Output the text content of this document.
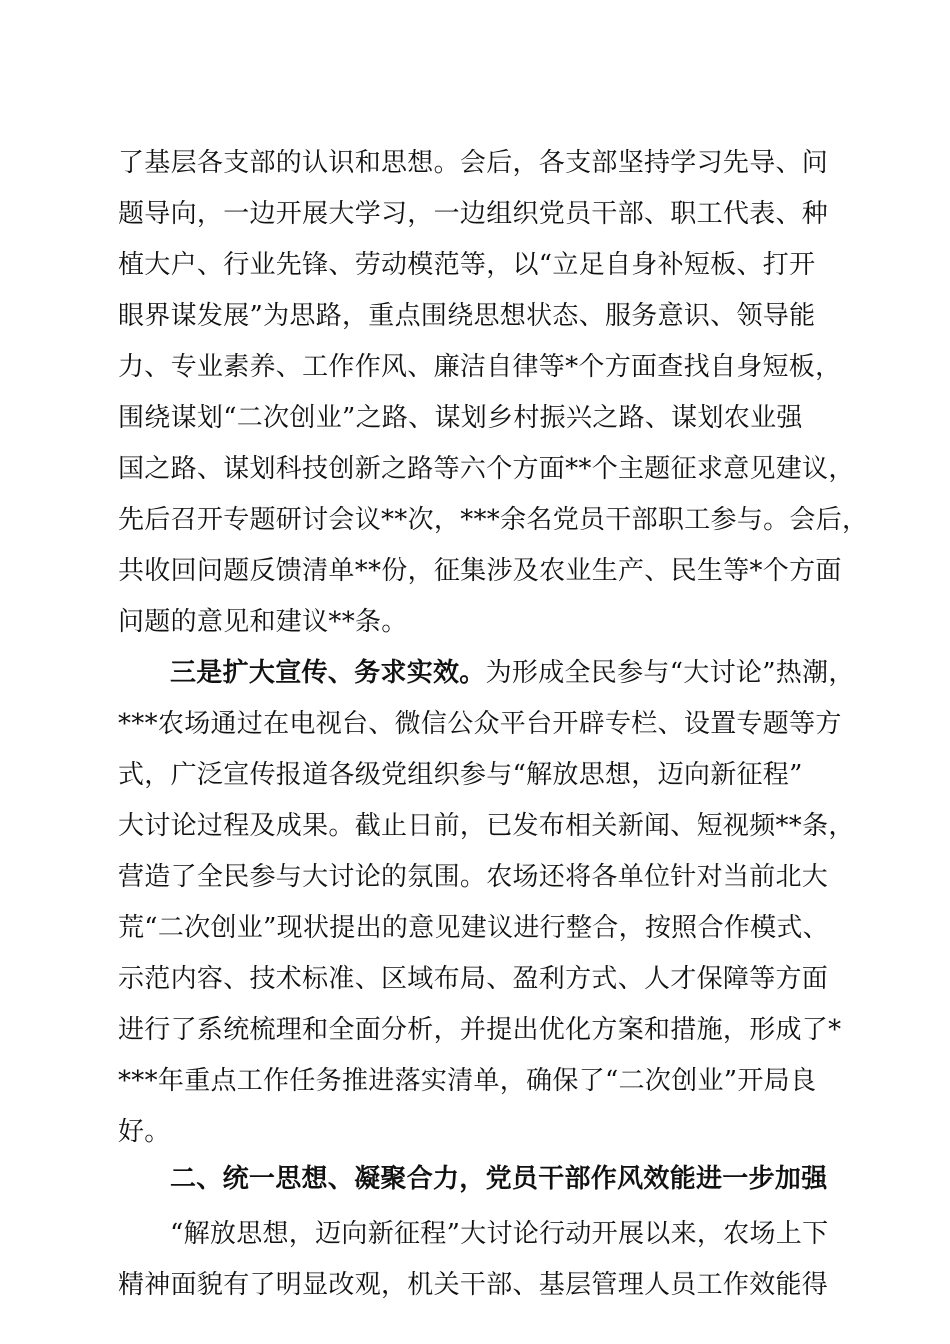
了基层各支部的认识和思想。会后，各支部坚持学习先导、问
题导向，一边开展大学习，一边组织党员干部、职工代表、种
植大户、行业先锋、劳动模范等，以“立足自身补短板、打开
眼界谋发展”为思路，重点围绕思想状态、服务意识、领导能
力、专业素养、工作作风、廉洁自律等*个方面查找自身短板，
围绕谋划“二次创业”之路、谋划乡村振兴之路、谋划农业强
国之路、谋划科技创新之路等六个方面**个主题征求意见建议，
先后召开专题研讨会议**次，***余名党员干部职工参与。会后，
共收回问题反馈清单**份，征集涉及农业生产、民生等*个方面
问题的意见和建议**条。
三是扩大宣传、务求实效。为形成全民参与“大讨论”热潮，
***农场通过在电视台、微信公众平台开辟专栏、设置专题等方
式，广泛宣传报道各级党组织参与“解放思想，迈向新征程”
大讨论过程及成果。截止日前，已发布相关新闻、短视频**条，
营造了全民参与大讨论的氛围。农场还将各单位针对当前北大
荒“二次创业”现状提出的意见建议进行整合，按照合作模式、
示范内容、技术标准、区域布局、盈利方式、人才保障等方面
进行了系统梳理和全面分析，并提出优化方案和措施，形成了*
***年重点工作任务推进落实清单，确保了“二次创业”开局良
好。
二、统一思想、凝聚合力，党员干部作风效能进一步加强
“解放思想，迈向新征程”大讨论行动开展以来，农场上下
精神面貌有了明显改观，机关干部、基层管理人员工作效能得
